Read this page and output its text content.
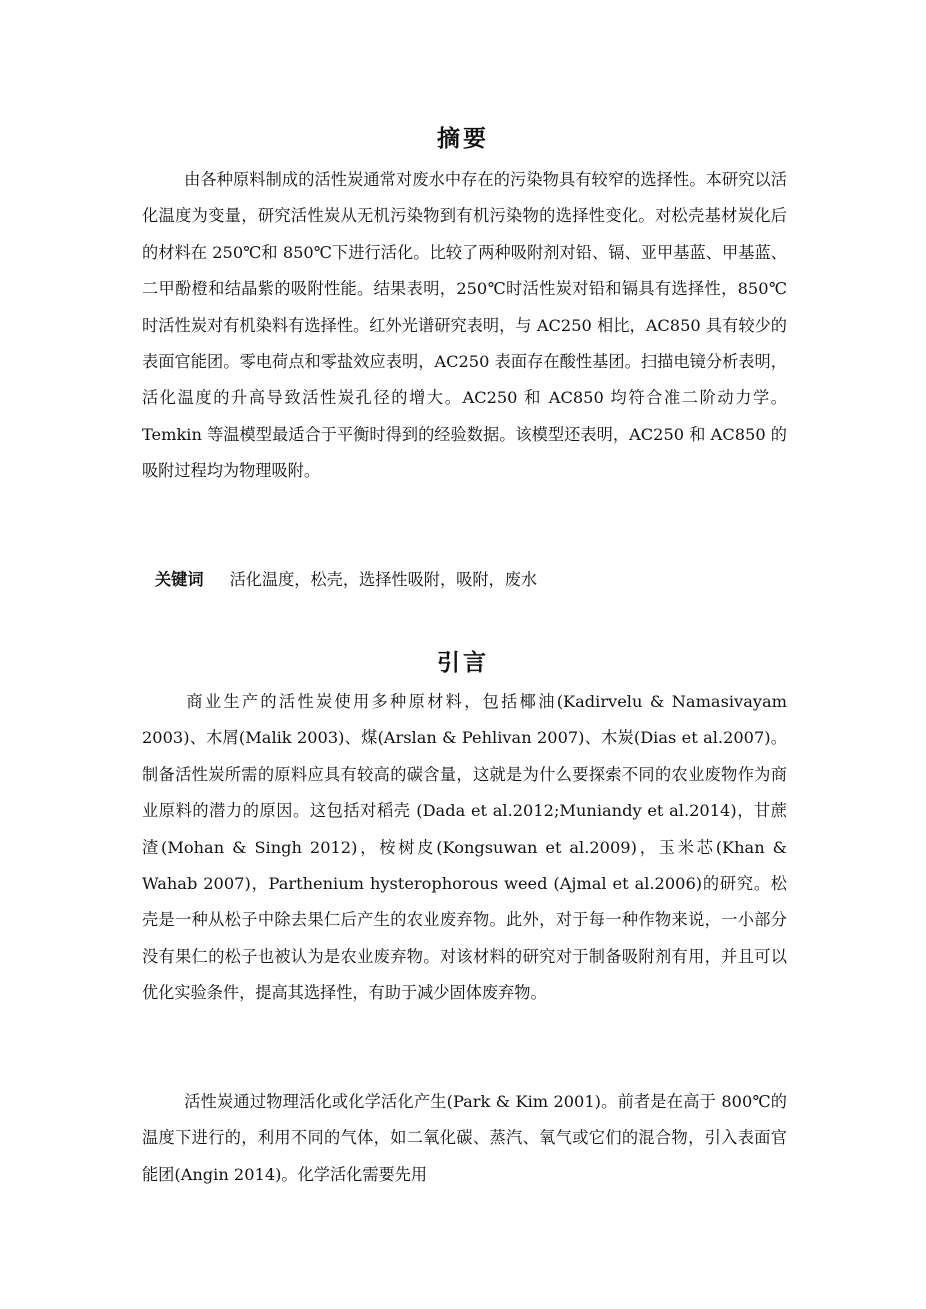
摘要

由各种原料制成的活性炭通常对废水中存在的污染物具有较窄的选择性。本研究以活化温度为变量，研究活性炭从无机污染物到有机污染物的选择性变化。对松壳基材炭化后的材料在 250℃和 850℃下进行活化。比较了两种吸附剂对铅、镉、亚甲基蓝、甲基蓝、二甲酚橙和结晶紫的吸附性能。结果表明，250℃时活性炭对铅和镉具有选择性，850℃时活性炭对有机染料有选择性。红外光谱研究表明，与 AC250 相比，AC850 具有较少的表面官能团。零电荷点和零盐效应表明，AC250 表面存在酸性基团。扫描电镜分析表明，活化温度的升高导致活性炭孔径的增大。AC250 和 AC850 均符合准二阶动力学。Temkin 等温模型最适合于平衡时得到的经验数据。该模型还表明，AC250 和 AC850 的吸附过程均为物理吸附。

关键词 活化温度，松壳，选择性吸附，吸附，废水
引言

商业生产的活性炭使用多种原材料，包括椰油(Kadirvelu & Namasivayam 2003)、木屑(Malik 2003)、煤(Arslan & Pehlivan 2007)、木炭(Dias et al.2007)。制备活性炭所需的原料应具有较高的碳含量，这就是为什么要探索不同的农业废物作为商业原料的潜力的原因。这包括对稻壳 (Dada et al.2012;Muniandy et al.2014)，甘蔗渣(Mohan & Singh 2012)，桉树皮(Kongsuwan et al.2009)，玉米芯(Khan & Wahab 2007)，Parthenium hysterophorous weed (Ajmal et al.2006)的研究。松壳是一种从松子中除去果仁后产生的农业废弃物。此外，对于每一种作物来说，一小部分没有果仁的松子也被认为是农业废弃物。对该材料的研究对于制备吸附剂有用，并且可以优化实验条件，提高其选择性，有助于减少固体废弃物。

活性炭通过物理活化或化学活化产生(Park & Kim 2001)。前者是在高于 800℃的温度下进行的，利用不同的气体，如二氧化碳、蒸汽、氧气或它们的混合物，引入表面官能团(Angin 2014)。化学活化需要先用
